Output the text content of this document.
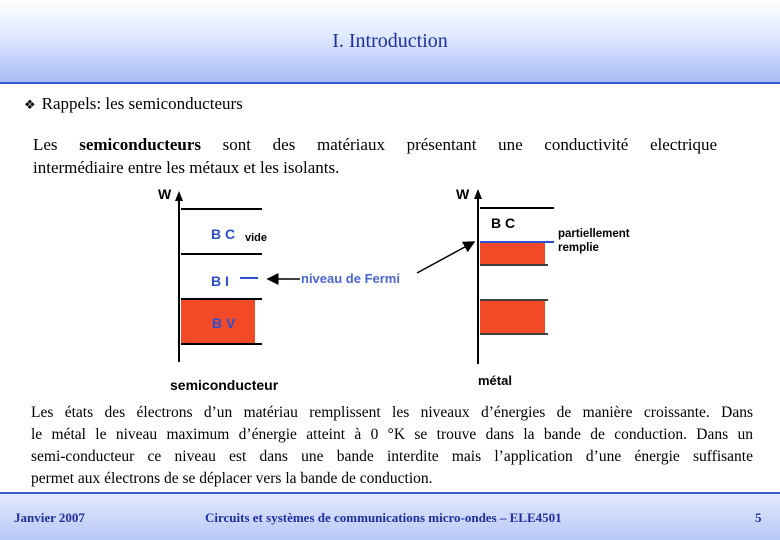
I. Introduction
❖ Rappels: les semiconducteurs
Les semiconducteurs sont des matériaux présentant une conductivité electrique
intermédiaire entre les métaux et les isolants.
W
B C vide
B I
B V
semiconducteur
niveau de Fermi
W
B C
partiellement
remplie
métal
Les états des électrons d’un matériau remplissent les niveaux d’énergies de manière croissante. Dans
le métal le niveau maximum d’énergie atteint à 0 °K se trouve dans la bande de conduction. Dans un
semi-conducteur ce niveau est dans une bande interdite mais l’application d’une énergie suffisante
permet aux électrons de se déplacer vers la bande de conduction.
Janvier 2007	Circuits et systèmes de communications micro-ondes – ELE4501	5
